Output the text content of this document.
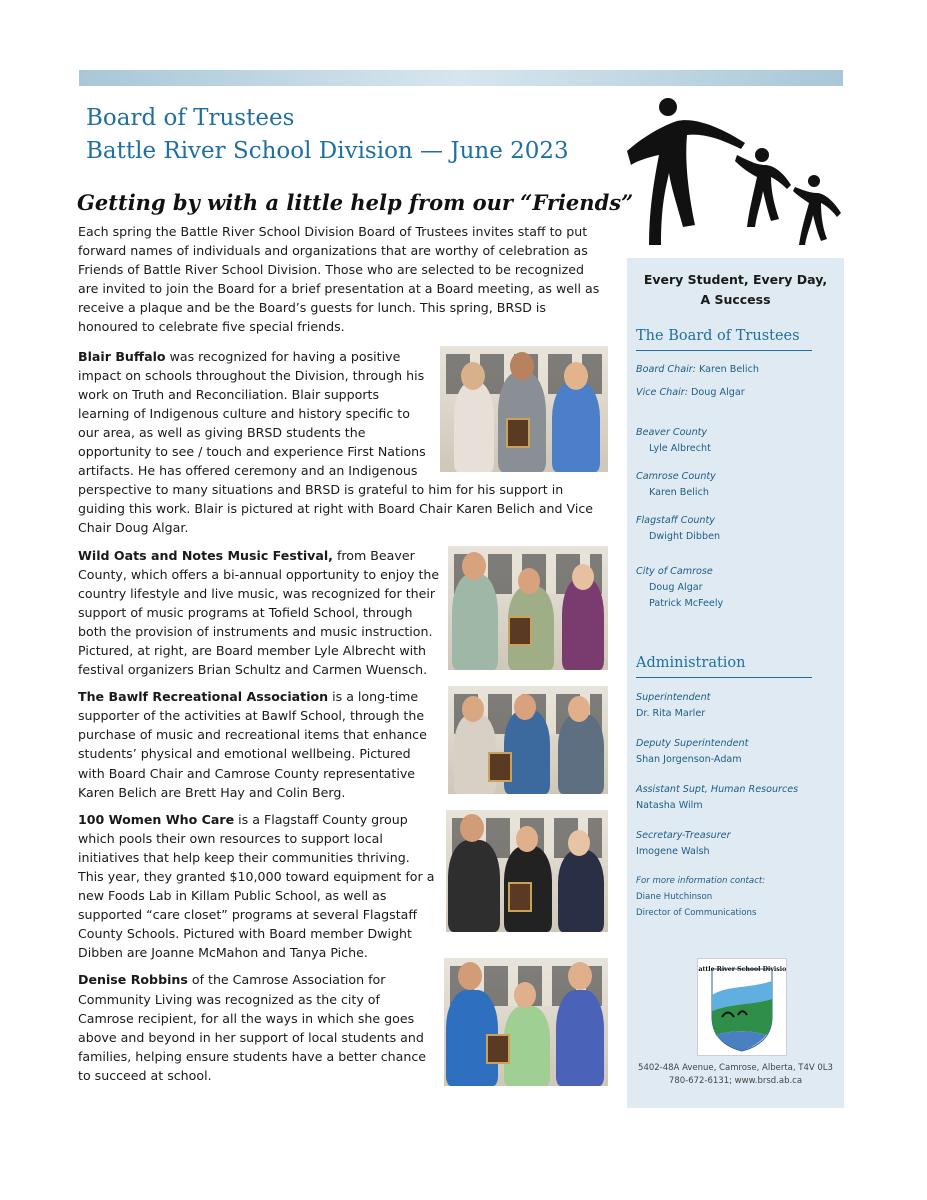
Board of Trustees
Battle River School Division — June 2023
Getting by with a little help from our “Friends”

Each spring the Battle River School Division Board of Trustees invites staff to put forward names of individuals and organizations that are worthy of celebration as Friends of Battle River School Division. Those who are selected to be recognized are invited to join the Board for a brief presentation at a Board meeting, as well as receive a plaque and be the Board’s guests for lunch. This spring, BRSD is honoured to celebrate five special friends.

Blair Buffalo was recognized for having a positive impact on schools throughout the Division, through his work on Truth and Reconciliation. Blair supports learning of Indigenous culture and history specific to our area, as well as giving BRSD students the opportunity to see / touch and experience First Nations artifacts. He has offered ceremony and an Indigenous perspective to many situations and BRSD is grateful to him for his support in guiding this work. Blair is pictured at right with Board Chair Karen Belich and Vice Chair Doug Algar.

Wild Oats and Notes Music Festival, from Beaver County, which offers a bi-annual opportunity to enjoy the country lifestyle and live music, was recognized for their support of music programs at Tofield School, through both the provision of instruments and music instruction. Pictured, at right, are Board member Lyle Albrecht with festival organizers Brian Schultz and Carmen Wuensch.

The Bawlf Recreational Association is a long-time supporter of the activities at Bawlf School, through the purchase of music and recreational items that enhance students’ physical and emotional wellbeing. Pictured with Board Chair and Camrose County representative Karen Belich are Brett Hay and Colin Berg.

100 Women Who Care is a Flagstaff County group which pools their own resources to support local initiatives that help keep their communities thriving. This year, they granted $10,000 toward equipment for a new Foods Lab in Killam Public School, as well as supported “care closet” programs at several Flagstaff County Schools. Pictured with Board member Dwight Dibben are Joanne McMahon and Tanya Piche.

Denise Robbins of the Camrose Association for Community Living was recognized as the city of Camrose recipient, for all the ways in which she goes above and beyond in her support of local students and families, helping ensure students have a better chance to succeed at school.

Every Student, Every Day,
A Success
The Board of Trustees
Board Chair: Karen Belich
Vice Chair: Doug Algar
Beaver County
Lyle Albrecht
Camrose County
Karen Belich
Flagstaff County
Dwight Dibben
City of Camrose
Doug Algar
Patrick McFeely
Administration
Superintendent
Dr. Rita Marler
Deputy Superintendent
Shan Jorgenson-Adam
Assistant Supt, Human Resources
Natasha Wilm
Secretary-Treasurer
Imogene Walsh
For more information contact:
Diane Hutchinson
Director of Communications
Battle River School Division
5402-48A Avenue, Camrose, Alberta, T4V 0L3
780-672-6131; www.brsd.ab.ca
